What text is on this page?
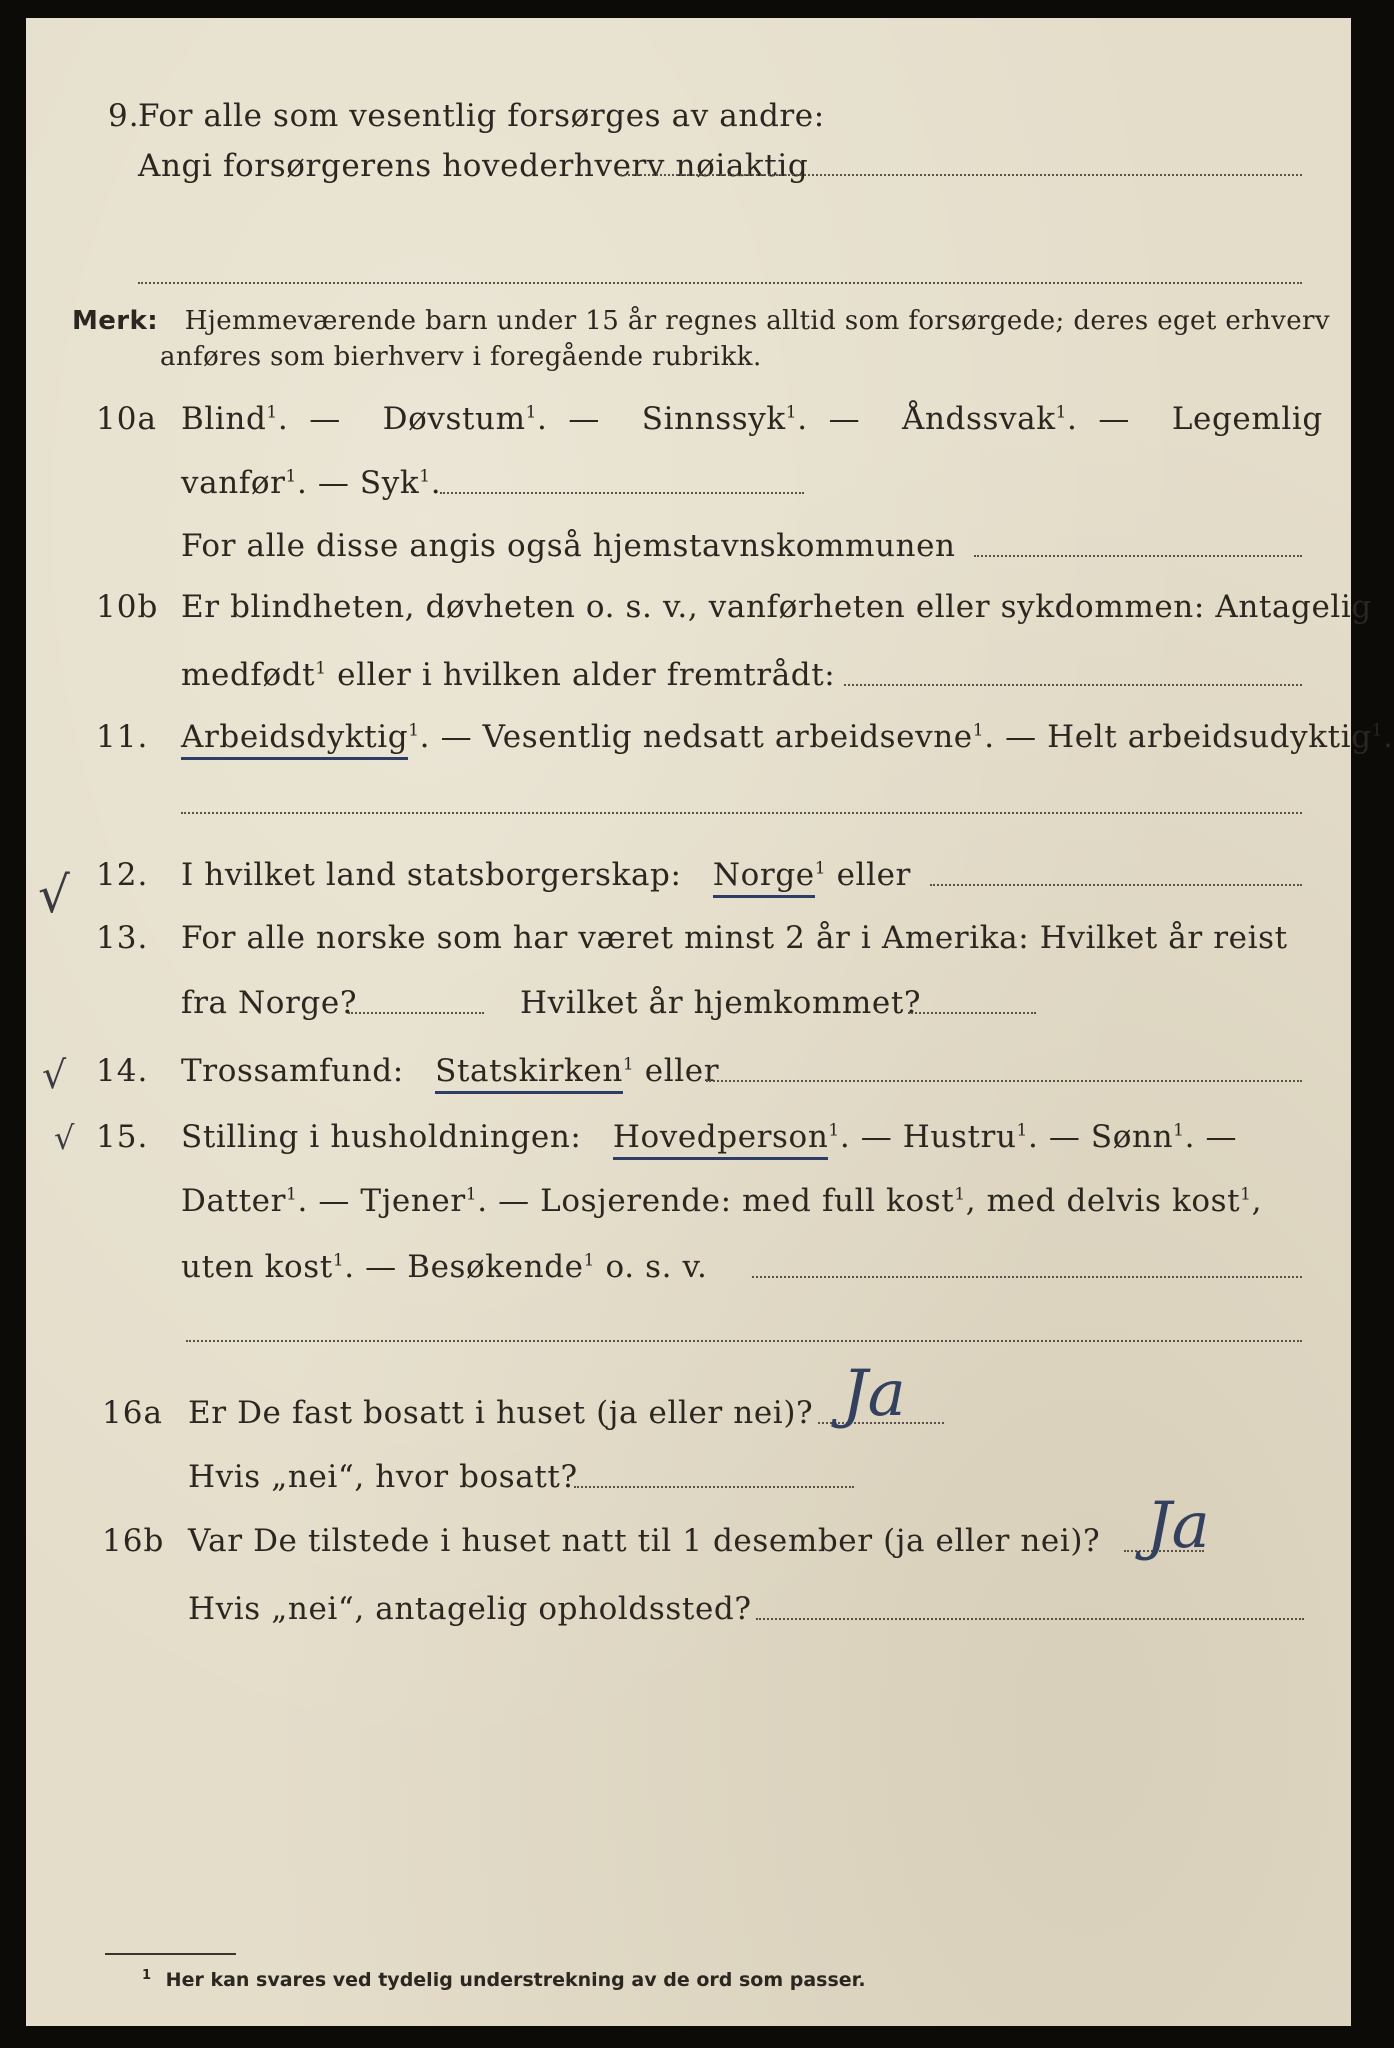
9.
For alle som vesentlig forsørges av andre:
Angi forsørgerens hovederhverv nøiaktig
Merk: Hjemmeværende barn under 15 år regnes alltid som forsørgede; deres eget erhverv
anføres som bierhverv i foregående rubrikk.
10a Blind$^1$.  —    Døvstum$^1$.  —    Sinnssyk$^1$.  —    Åndssvak$^1$.  —    Legemlig
vanfør$^1$. — Syk$^1$.
For alle disse angis også hjemstavnskommunen
10b Er blindheten, døvheten o. s. v., vanførheten eller sykdommen: Antagelig
medfødt$^1$ eller i hvilken alder fremtrådt:
11. Arbeidsdyktig$^1$. — Vesentlig nedsatt arbeidsevne$^1$. — Helt arbeidsudyktig$^1$.
√ 12. I hvilket land statsborgerskap: Norge$^1$ eller
13. For alle norske som har været minst 2 år i Amerika: Hvilket år reist
fra Norge?	Hvilket år hjemkommet?
√ 14. Trossamfund: Statskirken$^1$ eller
√ 15. Stilling i husholdningen: Hovedperson$^1$. — Hustru$^1$. — Sønn$^1$. —
Datter$^1$. — Tjener$^1$. — Losjerende: med full kost$^1$, med delvis kost$^1$,
uten kost$^1$. — Besøkende$^1$ o. s. v.
16a Er De fast bosatt i huset (ja eller nei)? Ja
Hvis „nei“, hvor bosatt?
16b Var De tilstede i huset natt til 1 desember (ja eller nei)? Ja
Hvis „nei“, antagelig opholdssted?
$^1$ Her kan svares ved tydelig understrekning av de ord som passer.
